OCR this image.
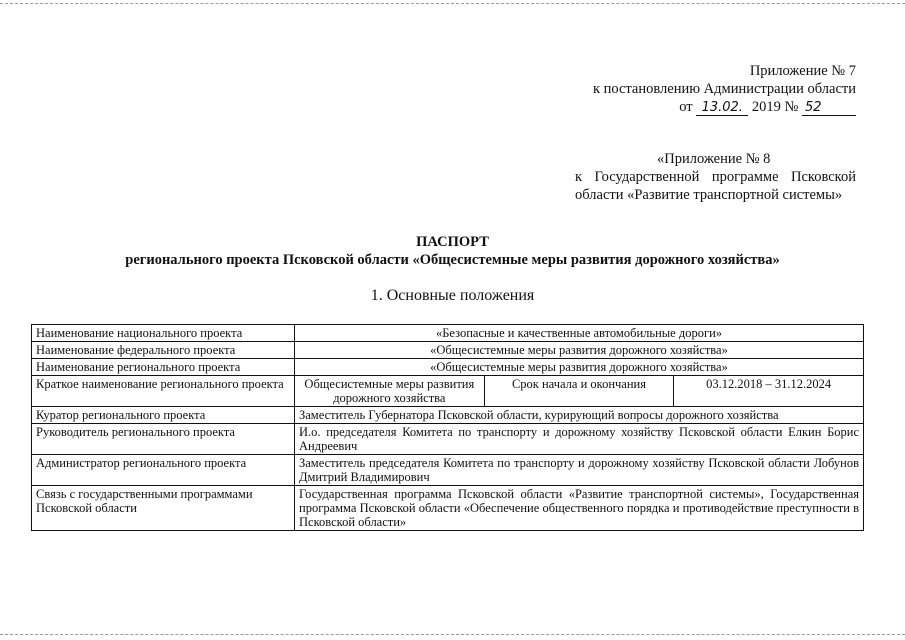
Приложение № 7
к постановлению Администрации области
от 13.02. 2019 № 52
«Приложение № 8
к Государственной программе Псковской
области «Развитие транспортной системы»
ПАСПОРТ
регионального проекта Псковской области «Общесистемные меры развития дорожного хозяйства»
1. Основные положения
Наименование национального проекта	«Безопасные и качественные автомобильные дороги»		
Наименование федерального проекта	«Общесистемные меры развития дорожного хозяйства»		
Наименование регионального проекта	«Общесистемные меры развития дорожного хозяйства»		
Краткое наименование регионального проекта	Общесистемные меры развития дорожного хозяйства	Срок начала и окончания	03.12.2018 – 31.12.2024
Куратор регионального проекта	Заместитель Губернатора Псковской области, курирующий вопросы дорожного хозяйства		
Руководитель регионального проекта	И.о. председателя Комитета по транспорту и дорожному хозяйству Псковской области Елкин Борис Андреевич		
Администратор регионального проекта	Заместитель председателя Комитета по транспорту и дорожному хозяйству Псковской области Лобунов Дмитрий Владимирович		
Связь с государственными программами Псковской области	Государственная программа Псковской области «Развитие транспортной системы», Государственная программа Псковской области «Обеспечение общественного порядка и противодействие преступности в Псковской области»		
